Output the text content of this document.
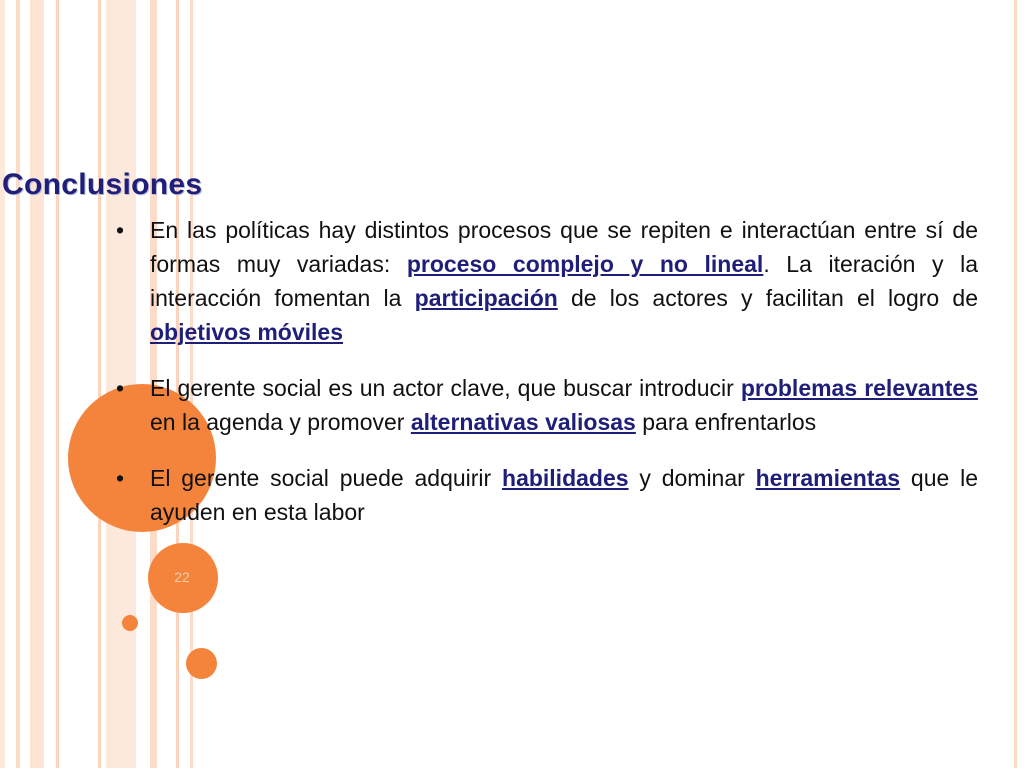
22
Conclusiones
• En las políticas hay distintos procesos que se repiten e interactúan entre sí de formas muy variadas: proceso complejo y no lineal. La iteración y la interacción fomentan la participación de los actores y facilitan el logro de objetivos móviles
• El gerente social es un actor clave, que buscar introducir problemas relevantes en la agenda y promover alternativas valiosas para enfrentarlos
• El gerente social puede adquirir habilidades y dominar herramientas que le ayuden en esta labor
